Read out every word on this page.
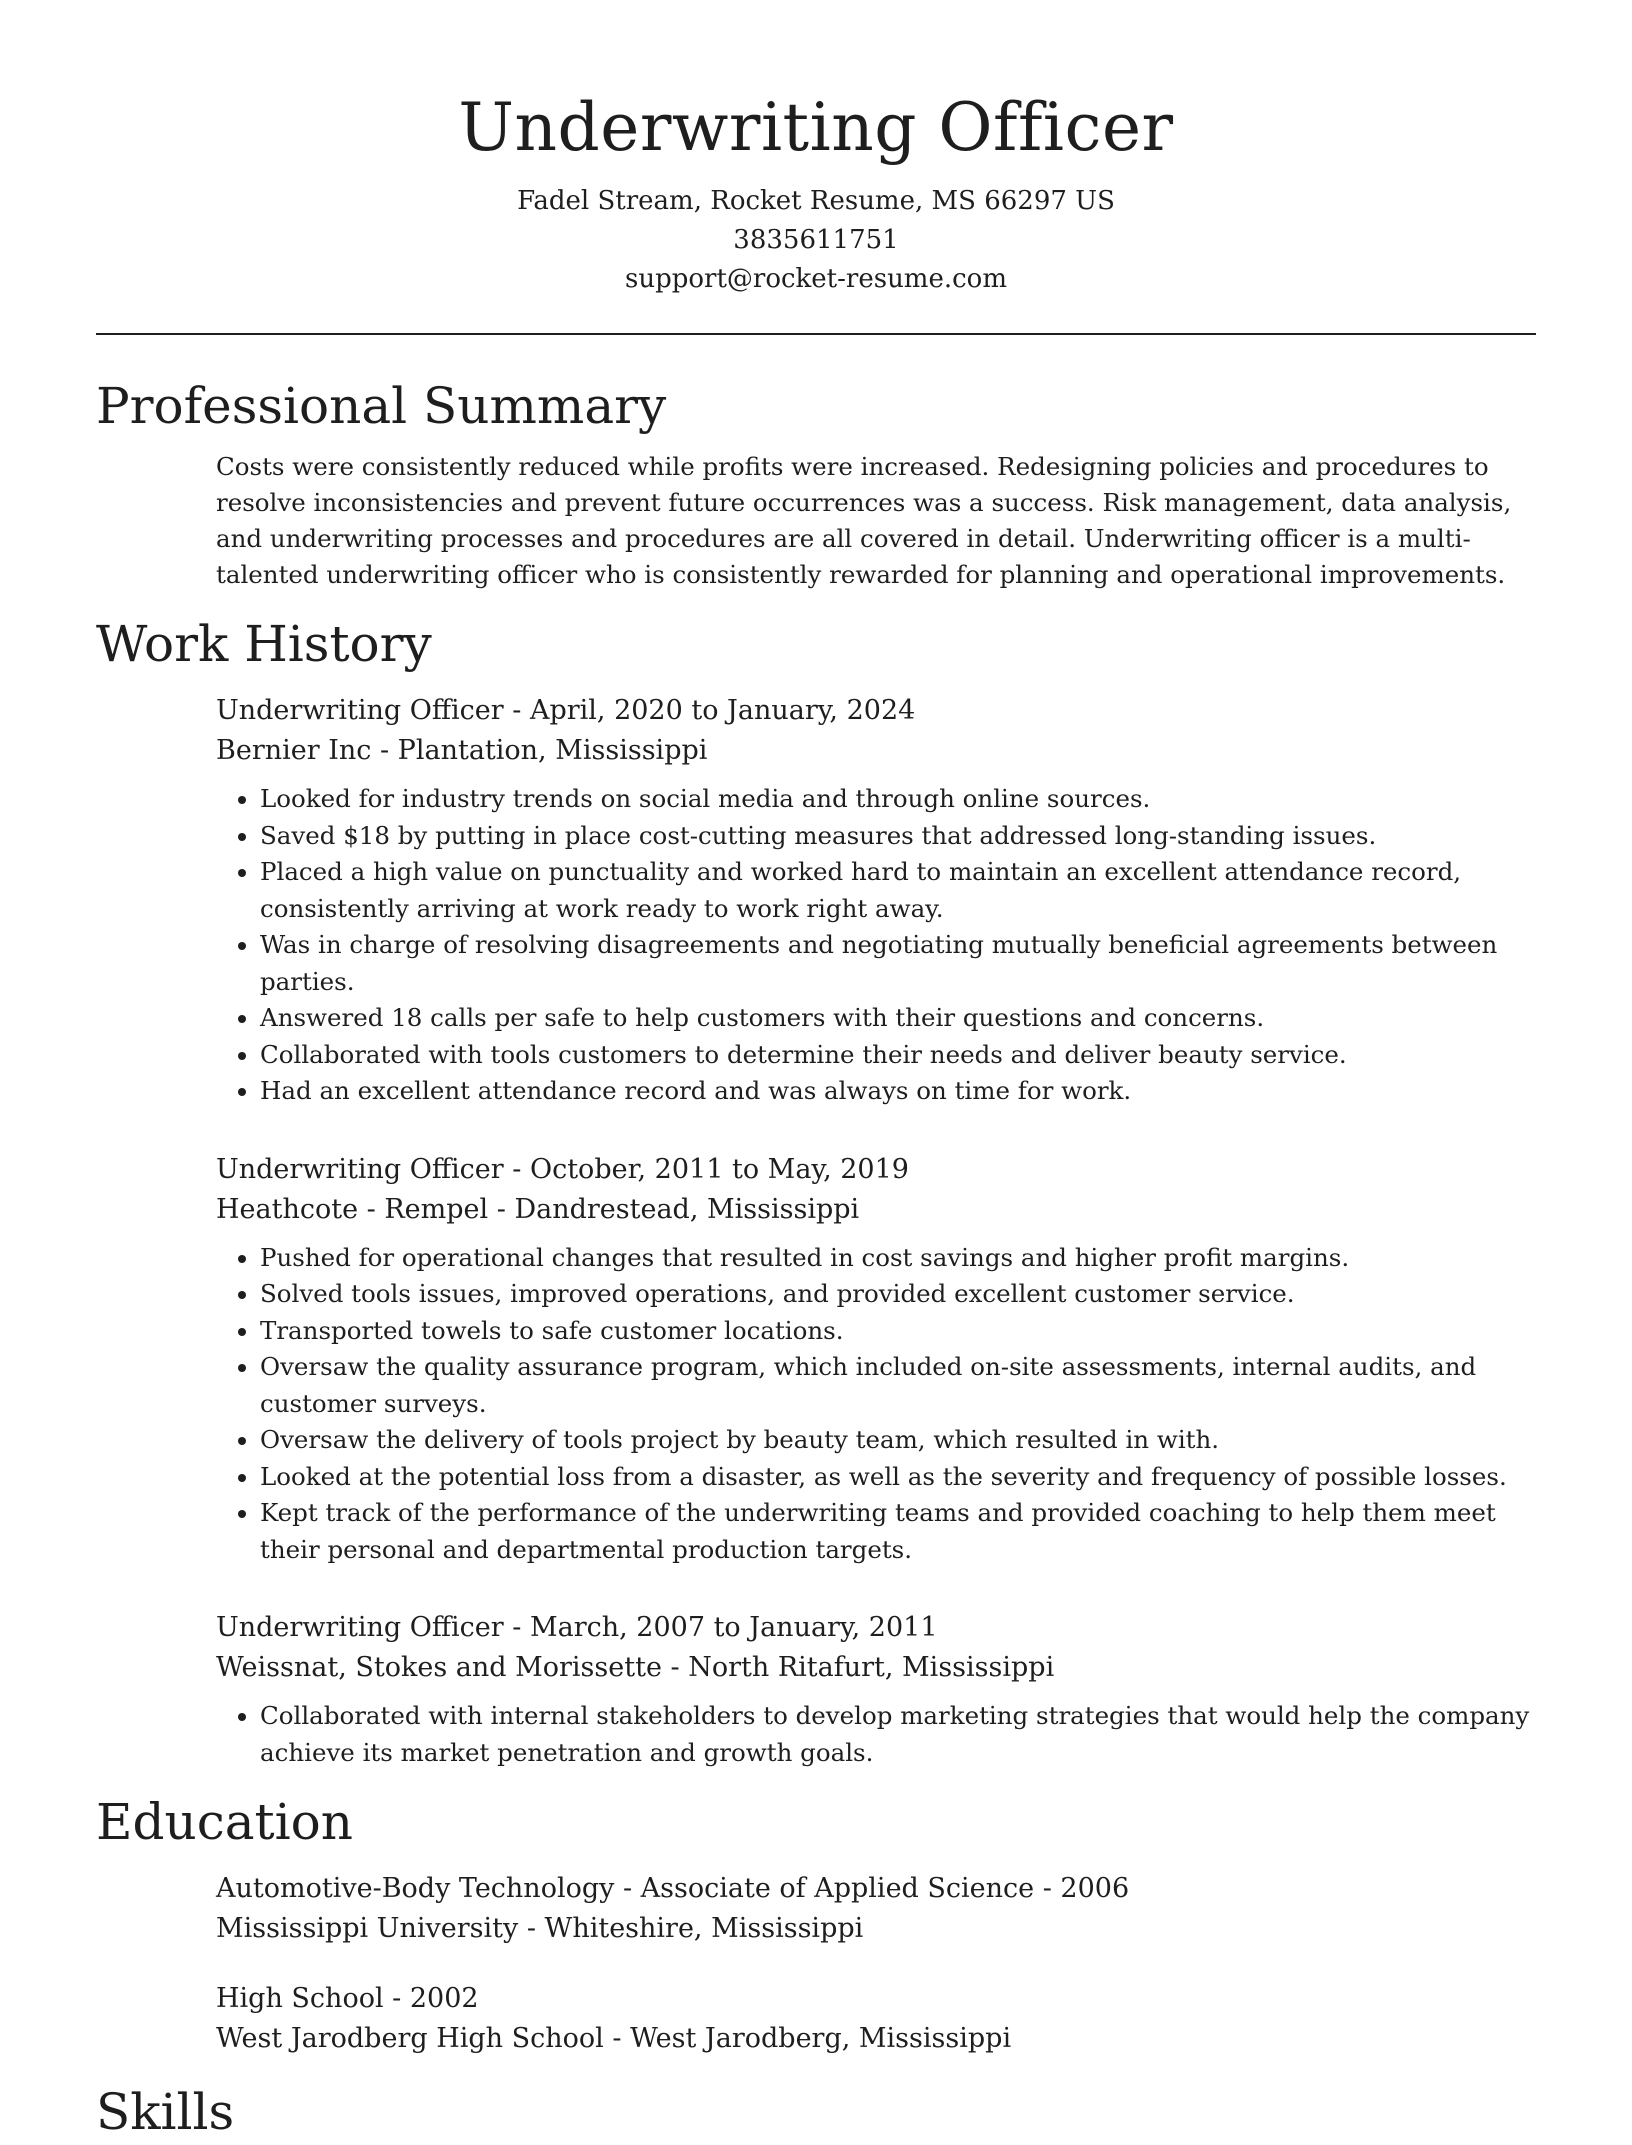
Underwriting Officer

Fadel Stream, Rocket Resume, MS 66297 US

3835611751

support@rocket-resume.com

Professional Summary

Costs were consistently reduced while profits were increased. Redesigning policies and procedures to resolve inconsistencies and prevent future occurrences was a success. Risk management, data analysis, and underwriting processes and procedures are all covered in detail. Underwriting officer is a multi-talented underwriting officer who is consistently rewarded for planning and operational improvements.

Work History

Underwriting Officer - April, 2020 to January, 2024

Bernier Inc - Plantation, Mississippi

• Looked for industry trends on social media and through online sources.
• Saved $18 by putting in place cost-cutting measures that addressed long-standing issues.
• Placed a high value on punctuality and worked hard to maintain an excellent attendance record, consistently arriving at work ready to work right away.
• Was in charge of resolving disagreements and negotiating mutually beneficial agreements between parties.
• Answered 18 calls per safe to help customers with their questions and concerns.
• Collaborated with tools customers to determine their needs and deliver beauty service.
• Had an excellent attendance record and was always on time for work.

Underwriting Officer - October, 2011 to May, 2019

Heathcote - Rempel - Dandrestead, Mississippi

• Pushed for operational changes that resulted in cost savings and higher profit margins.
• Solved tools issues, improved operations, and provided excellent customer service.
• Transported towels to safe customer locations.
• Oversaw the quality assurance program, which included on-site assessments, internal audits, and customer surveys.
• Oversaw the delivery of tools project by beauty team, which resulted in with.
• Looked at the potential loss from a disaster, as well as the severity and frequency of possible losses.
• Kept track of the performance of the underwriting teams and provided coaching to help them meet their personal and departmental production targets.

Underwriting Officer - March, 2007 to January, 2011

Weissnat, Stokes and Morissette - North Ritafurt, Mississippi

• Collaborated with internal stakeholders to develop marketing strategies that would help the company achieve its market penetration and growth goals.
Education

Automotive-Body Technology - Associate of Applied Science - 2006

Mississippi University - Whiteshire, Mississippi

High School - 2002

West Jarodberg High School - West Jarodberg, Mississippi

Skills
